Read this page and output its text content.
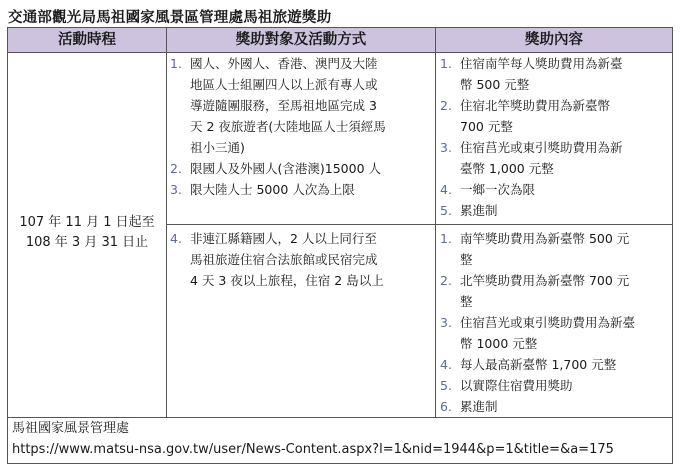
交通部觀光局馬祖國家風景區管理處馬祖旅遊獎助
活動時程	獎助對象及活動方式	獎助內容
107 年 11 月 1 日起至
108 年 3 月 31 日止
1. 國人、外國人、香港、澳門及大陸
地區人士組團四人以上派有專人或
導遊隨團服務，至馬祖地區完成 3
天 2 夜旅遊者(大陸地區人士須經馬
祖小三通)
2. 限國人及外國人(含港澳)15000 人
3. 限大陸人士 5000 人次為上限
1. 住宿南竿每人獎助費用為新臺
幣 500 元整
2. 住宿北竿獎助費用為新臺幣
700 元整
3. 住宿莒光或東引獎助費用為新
臺幣 1,000 元整
4. 一鄉一次為限
5. 累進制
4. 非連江縣籍國人，2 人以上同行至
馬祖旅遊住宿合法旅館或民宿完成
4 天 3 夜以上旅程，住宿 2 島以上
1. 南竿獎助費用為新臺幣 500 元
整
2. 北竿獎助費用為新臺幣 700 元
整
3. 住宿莒光或東引獎助費用為新臺
幣 1000 元整
4. 每人最高新臺幣 1,700 元整
5. 以實際住宿費用獎助
6. 累進制
馬祖國家風景管理處
https://www.matsu-nsa.gov.tw/user/News-Content.aspx?l=1&nid=1944&p=1&title=&a=175
